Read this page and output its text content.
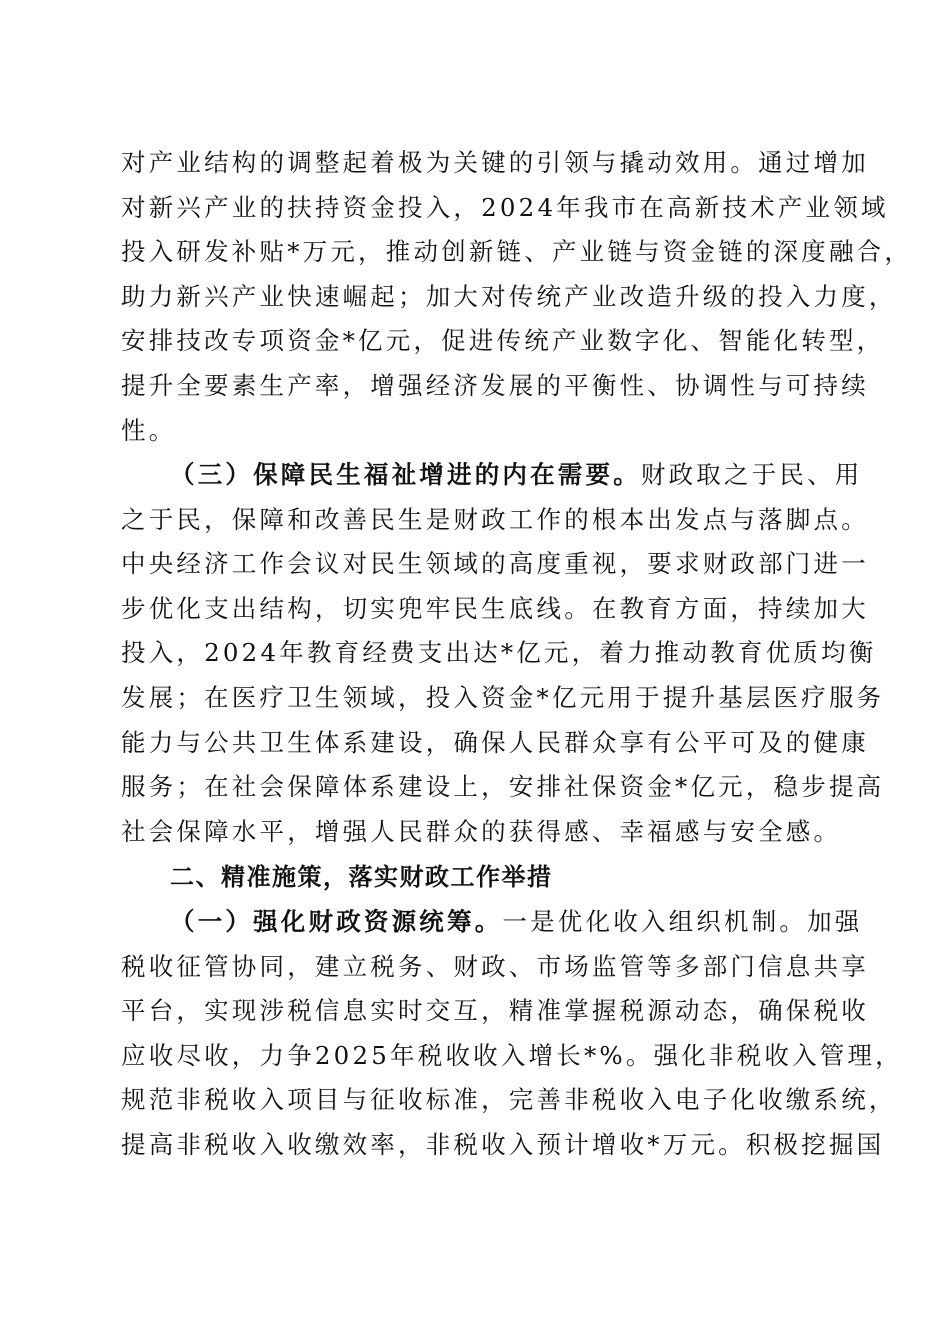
对产业结构的调整起着极为关键的引领与撬动效用。通过增加
对新兴产业的扶持资金投入，2024年我市在高新技术产业领域
投入研发补贴*万元，推动创新链、产业链与资金链的深度融合，
助力新兴产业快速崛起；加大对传统产业改造升级的投入力度，
安排技改专项资金*亿元，促进传统产业数字化、智能化转型，
提升全要素生产率，增强经济发展的平衡性、协调性与可持续
性。
（三）保障民生福祉增进的内在需要。财政取之于民、用
之于民，保障和改善民生是财政工作的根本出发点与落脚点。
中央经济工作会议对民生领域的高度重视，要求财政部门进一
步优化支出结构，切实兜牢民生底线。在教育方面，持续加大
投入，2024年教育经费支出达*亿元，着力推动教育优质均衡
发展；在医疗卫生领域，投入资金*亿元用于提升基层医疗服务
能力与公共卫生体系建设，确保人民群众享有公平可及的健康
服务；在社会保障体系建设上，安排社保资金*亿元，稳步提高
社会保障水平，增强人民群众的获得感、幸福感与安全感。
二、精准施策，落实财政工作举措
（一）强化财政资源统筹。一是优化收入组织机制。加强
税收征管协同，建立税务、财政、市场监管等多部门信息共享
平台，实现涉税信息实时交互，精准掌握税源动态，确保税收
应收尽收，力争2025年税收收入增长*%。强化非税收入管理，
规范非税收入项目与征收标准，完善非税收入电子化收缴系统，
提高非税收入收缴效率，非税收入预计增收*万元。积极挖掘国
